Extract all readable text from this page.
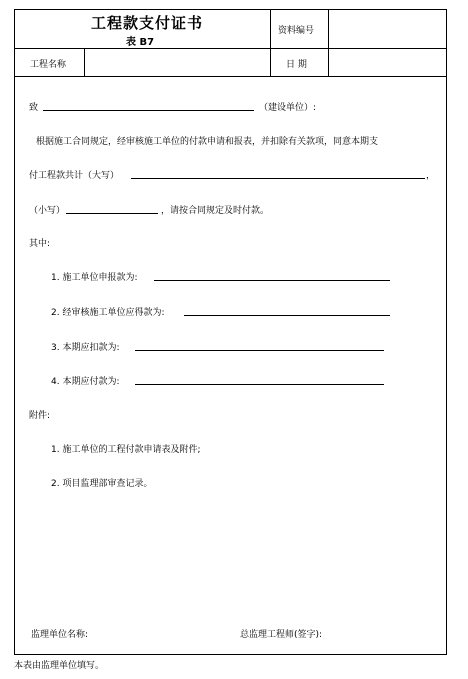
工程款支付证书
表 B7
资料编号
工程名称	日 期
致	（建设单位）:
根据施工合同规定，经审核施工单位的付款申请和报表，并扣除有关款项，同意本期支
付工程款共计（大写）	，
（小写）	，请按合同规定及时付款。
其中:
1. 施工单位申报款为:
2. 经审核施工单位应得款为:
3. 本期应扣款为:
4. 本期应付款为:
附件:
1. 施工单位的工程付款申请表及附件;
2. 项目监理部审查记录。
监理单位名称:	总监理工程师(签字):
本表由监理单位填写。
